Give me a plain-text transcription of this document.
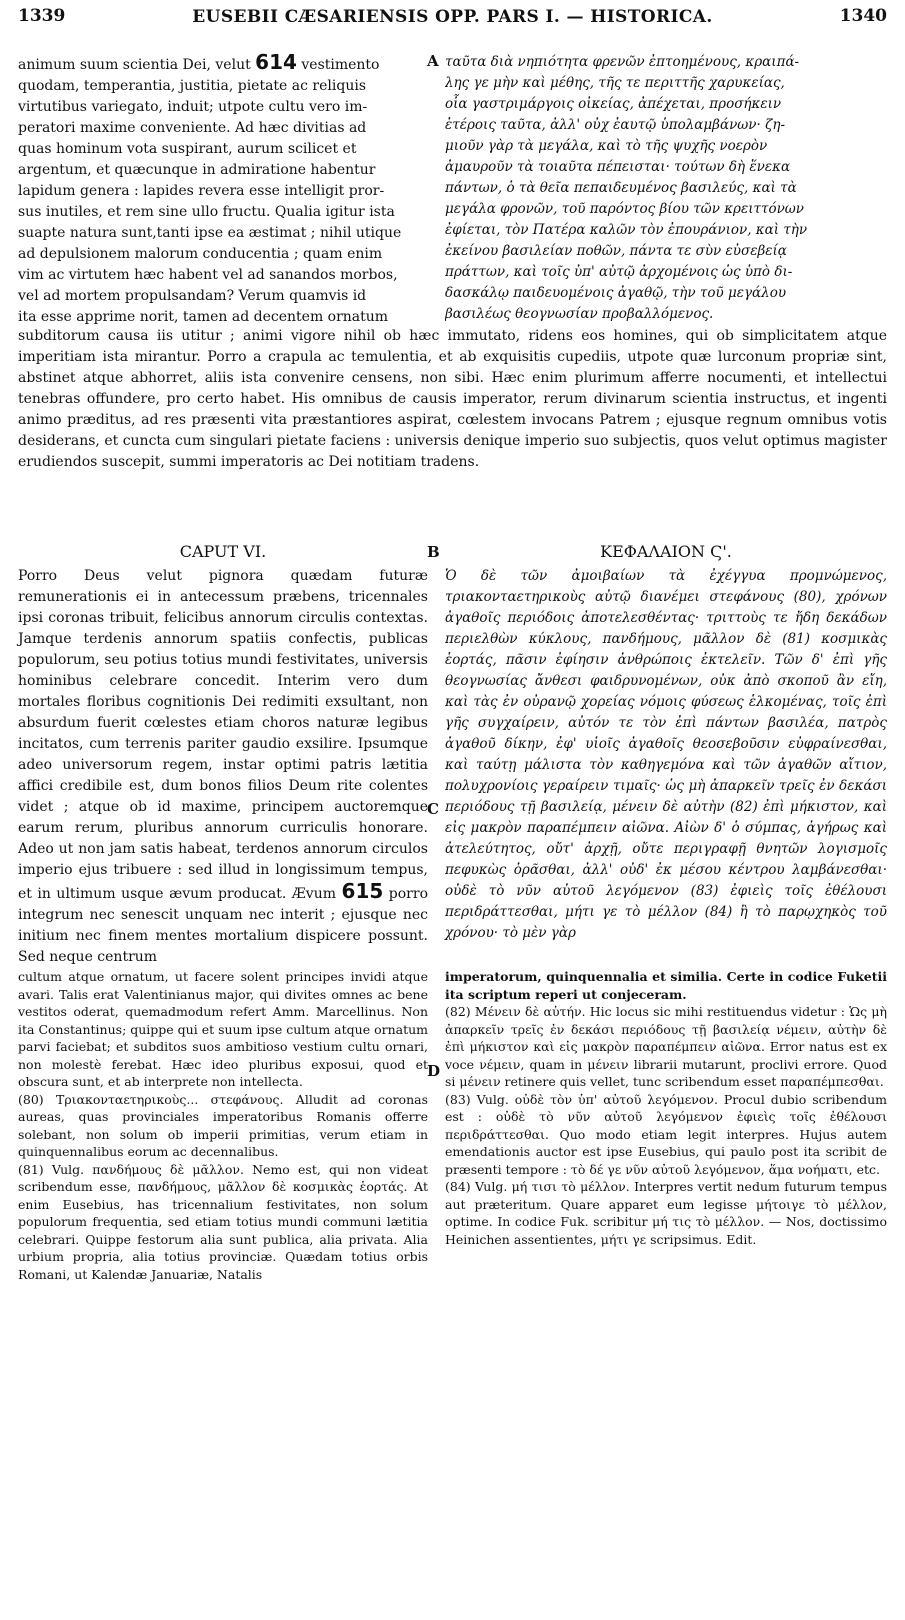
1339	EUSEBII CÆSARIENSIS OPP. PARS I. — HISTORICA.	1340
animum suum scientia Dei, velut 614 vestimento
quodam, temperantia, justitia, pietate ac reliquis
virtutibus variegato, induit; utpote cultu vero im-
peratori maxime conveniente. Ad hæc divitias ad
quas hominum vota suspirant, aurum scilicet et
argentum, et quæcunque in admiratione habentur
lapidum genera : lapides revera esse intelligit pror-
sus inutiles, et rem sine ullo fructu. Qualia igitur ista
suapte natura sunt,tanti ipse ea æstimat ; nihil utique
ad depulsionem malorum conducentia ; quam enim
vim ac virtutem hæc habent vel ad sanandos morbos,
vel ad mortem propulsandam? Verum quamvis id
ita esse apprime norit, tamen ad decentem ornatum
A ταῦτα διὰ νηπιότητα φρενῶν ἐπτοημένους, κραιπά-
λης γε μὴν καὶ μέθης, τῆς τε περιττῆς χαρυκείας,
οἷα γαστριμάργοις οἰκείας, ἀπέχεται, προσήκειν
ἑτέροις ταῦτα, ἀλλ' οὐχ ἑαυτῷ ὑπολαμβάνων· ζη-
μιοῦν γὰρ τὰ μεγάλα, καὶ τὸ τῆς ψυχῆς νοερὸν
ἀμαυροῦν τὰ τοιαῦτα πέπεισται· τούτων δὴ ἕνεκα
πάντων, ὁ τὰ θεῖα πεπαιδευμένος βασιλεύς, καὶ τὰ
μεγάλα φρονῶν, τοῦ παρόντος βίου τῶν κρειττόνων
ἐφίεται, τὸν Πατέρα καλῶν τὸν ἐπουράνιον, καὶ τὴν
ἐκείνου βασιλείαν ποθῶν, πάντα τε σὺν εὐσεβείᾳ
πράττων, καὶ τοῖς ὑπ' αὐτῷ ἀρχομένοις ὡς ὑπὸ δι-
δασκάλῳ παιδευομένοις ἀγαθῷ, τὴν τοῦ μεγάλου
βασιλέως θεογνωσίαν προβαλλόμενος.

subditorum causa iis utitur ; animi vigore nihil ob hæc immutato, ridens eos homines, qui ob simplicitatem atque imperitiam ista mirantur. Porro a crapula ac temulentia, et ab exquisitis cupediis, utpote quæ lurconum propriæ sint, abstinet atque abhorret, aliis ista convenire censens, non sibi. Hæc enim plurimum afferre nocumenti, et intellectui tenebras offundere, pro certo habet. His omnibus de causis imperator, rerum divinarum scientia instructus, et ingenti animo præditus, ad res præsenti vita præstantiores aspirat, cœlestem invocans Patrem ; ejusque regnum omnibus votis desiderans, et cuncta cum singulari pietate faciens : universis denique imperio suo subjectis, quos velut optimus magister erudiendos suscepit, summi imperatoris ac Dei notitiam tradens.

CAPUT VI.	B	ΚΕΦΑΛΑΙΟΝ Ϛ'.

Porro Deus velut pignora quædam futuræ remunerationis ei in antecessum præbens, tricennales ipsi coronas tribuit, felicibus annorum circulis contextas. Jamque terdenis annorum spatiis confectis, publicas populorum, seu potius totius mundi festivitates, universis hominibus celebrare concedit. Interim vero dum mortales floribus cognitionis Dei redimiti exsultant, non absurdum fuerit cœlestes etiam choros naturæ legibus incitatos, cum terrenis pariter gaudio exsilire. Ipsumque adeo universorum regem, instar optimi patris lætitia affici credibile est, dum bonos filios Deum rite colentes videt ; atque ob id maxime, principem auctoremque earum rerum, pluribus annorum curriculis honorare. Adeo ut non jam satis habeat, terdenos annorum circulos imperio ejus tribuere : sed illud in longissimum tempus, et in ultimum usque ævum producat. Ævum 615 porro integrum nec senescit unquam nec interit ; ejusque nec initium nec finem mentes mortalium dispicere possunt. Sed neque centrum

C

Ὁ δὲ τῶν ἀμοιβαίων τὰ ἐχέγγυα προμνώμενος, τριακονταετηρικοὺς αὐτῷ διανέμει στεφάνους (80), χρόνων ἀγαθοῖς περιόδοις ἀποτελεσθέντας· τριττοὺς τε ἤδη δεκάδων περιελθὼν κύκλους, πανδήμους, μᾶλλον δὲ (81) κοσμικὰς ἑορτάς, πᾶσιν ἐφίησιν ἀνθρώποις ἐκτελεῖν. Τῶν δ' ἐπὶ γῆς θεογνωσίας ἄνθεσι φαιδρυνομένων, οὐκ ἀπὸ σκοποῦ ἂν εἴη, καὶ τὰς ἐν οὐρανῷ χορείας νόμοις φύσεως ἑλκομένας, τοῖς ἐπὶ γῆς συγχαίρειν, αὐτόν τε τὸν ἐπὶ πάντων βασιλέα, πατρὸς ἀγαθοῦ δίκην, ἐφ' υἱοῖς ἀγαθοῖς θεοσεβοῦσιν εὐφραίνεσθαι, καὶ ταύτῃ μάλιστα τὸν καθηγεμόνα καὶ τῶν ἀγαθῶν αἴτιον, πολυχρονίοις γεραίρειν τιμαῖς· ὡς μὴ ἀπαρκεῖν τρεῖς ἐν δεκάσι περιόδους τῇ βασιλείᾳ, μένειν δὲ αὐτὴν (82) ἐπὶ μήκιστον, καὶ εἰς μακρὸν παραπέμπειν αἰῶνα. Αἰὼν δ' ὁ σύμπας, ἀγήρως καὶ ἀτελεύτητος, οὔτ' ἀρχῇ, οὔτε περιγραφῇ θνητῶν λογισμοῖς πεφυκὼς ὁρᾶσθαι, ἀλλ' οὐδ' ἐκ μέσου κέντρου λαμβάνεσθαι· οὐδὲ τὸ νῦν αὐτοῦ λεγόμενον (83) ἐφιεὶς τοῖς ἐθέλουσι περιδράττεσθαι, μήτι γε τὸ μέλλον (84) ἢ τὸ παρῳχηκὸς τοῦ χρόνου· τὸ μὲν γὰρ

cultum atque ornatum, ut facere solent principes invidi atque avari. Talis erat Valentinianus major, qui divites omnes ac bene vestitos oderat, quemadmodum refert Amm. Marcellinus. Non ita Constantinus; quippe qui et suum ipse cultum atque ornatum parvi faciebat; et subditos suos ambitioso vestium cultu ornari, non molestè ferebat. Hæc ideo pluribus exposui, quod et obscura sunt, et ab interprete non intellecta.

(80) Τριακονταετηρικοὺς... στεφάνους. Alludit ad coronas aureas, quas provinciales imperatoribus Romanis offerre solebant, non solum ob imperii primitias, verum etiam in quinquennalibus eorum ac decennalibus.

(81) Vulg. πανδήμους δὲ μᾶλλον. Nemo est, qui non videat scribendum esse, πανδήμους, μᾶλλον δὲ κοσμικὰς ἑορτάς. At enim Eusebius, has tricennalium festivitates, non solum populorum frequentia, sed etiam totius mundi communi lætitia celebrari. Quippe festorum alia sunt publica, alia privata. Alia urbium propria, alia totius provinciæ. Quædam totius orbis Romani, ut Kalendæ Januariæ, Natalis

D

imperatorum, quinquennalia et similia. Certe in codice Fuketii ita scriptum reperi ut conjeceram.

(82) Μένειν δὲ αὐτήν. Hic locus sic mihi restituendus videtur : Ὡς μὴ ἀπαρκεῖν τρεῖς ἐν δεκάσι περιόδους τῇ βασιλείᾳ νέμειν, αὐτὴν δὲ ἐπὶ μήκιστον καὶ εἰς μακρὸν παραπέμπειν αἰῶνα. Error natus est ex voce νέμειν, quam in μένειν librarii mutarunt, proclivi errore. Quod si μένειν retinere quis vellet, tunc scribendum esset παραπέμπεσθαι.

(83) Vulg. οὐδὲ τὸν ὑπ' αὐτοῦ λεγόμενον. Procul dubio scribendum est : οὐδὲ τὸ νῦν αὐτοῦ λεγόμενον ἐφιεὶς τοῖς ἐθέλουσι περιδράττεσθαι. Quo modo etiam legit interpres. Hujus autem emendationis auctor est ipse Eusebius, qui paulo post ita scribit de præsenti tempore : τὸ δέ γε νῦν αὐτοῦ λεγόμενον, ἅμα νοήματι, etc.

(84) Vulg. μή τισι τὸ μέλλον. Interpres vertit nedum futurum tempus aut præteritum. Quare apparet eum legisse μήτοιγε τὸ μέλλον, optime. In codice Fuk. scribitur μή τις τὸ μέλλον. — Nos, doctissimo Heinichen assentientes, μήτι γε scripsimus. Edit.
